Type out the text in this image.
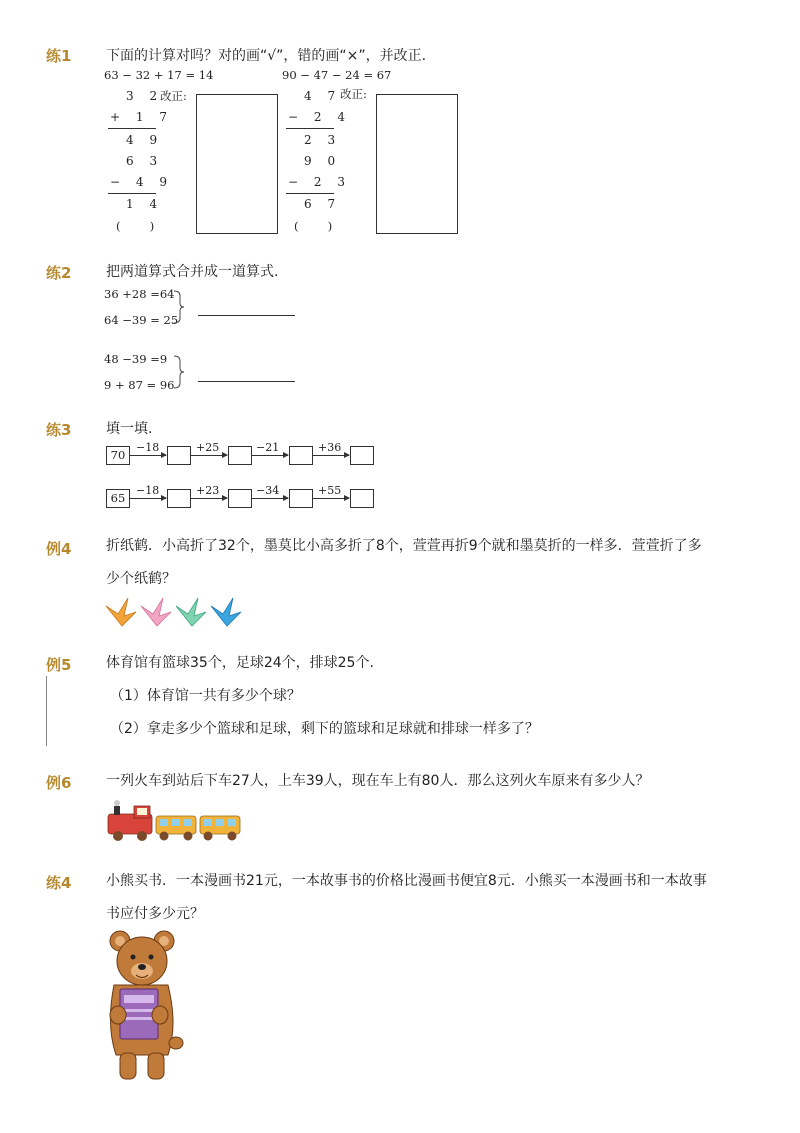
练1 下面的计算对吗？对的画“√”，错的画“×”，并改正.
63 − 32 + 17 = 14
3 2
+ 1 7
4 9
6 3
− 4 9
1 4
(        )
改正:
90 − 47 − 24 = 67
4 7
− 2 4
2 3
9 0
− 2 3
6 7
(        )
改正:
练2 把两道算式合并成一道算式.
36 +28 =64
64 −39 = 25
48 −39 =9
9 + 87 = 96
练3 填一填.
70
−18	+25	−21	+36
65
−18	+23	−34	+55
例4 折纸鹤．小高折了32个，墨莫比小高多折了8个，萱萱再折9个就和墨莫折的一样多．萱萱折了多
少个纸鹤？
例5 体育馆有篮球35个，足球24个，排球25个.
（1）体育馆一共有多少个球？
（2）拿走多少个篮球和足球，剩下的篮球和足球就和排球一样多了？
例6 一列火车到站后下车27人，上车39人，现在车上有80人．那么这列火车原来有多少人？
练4 小熊买书．一本漫画书21元，一本故事书的价格比漫画书便宜8元．小熊买一本漫画书和一本故事
书应付多少元？
